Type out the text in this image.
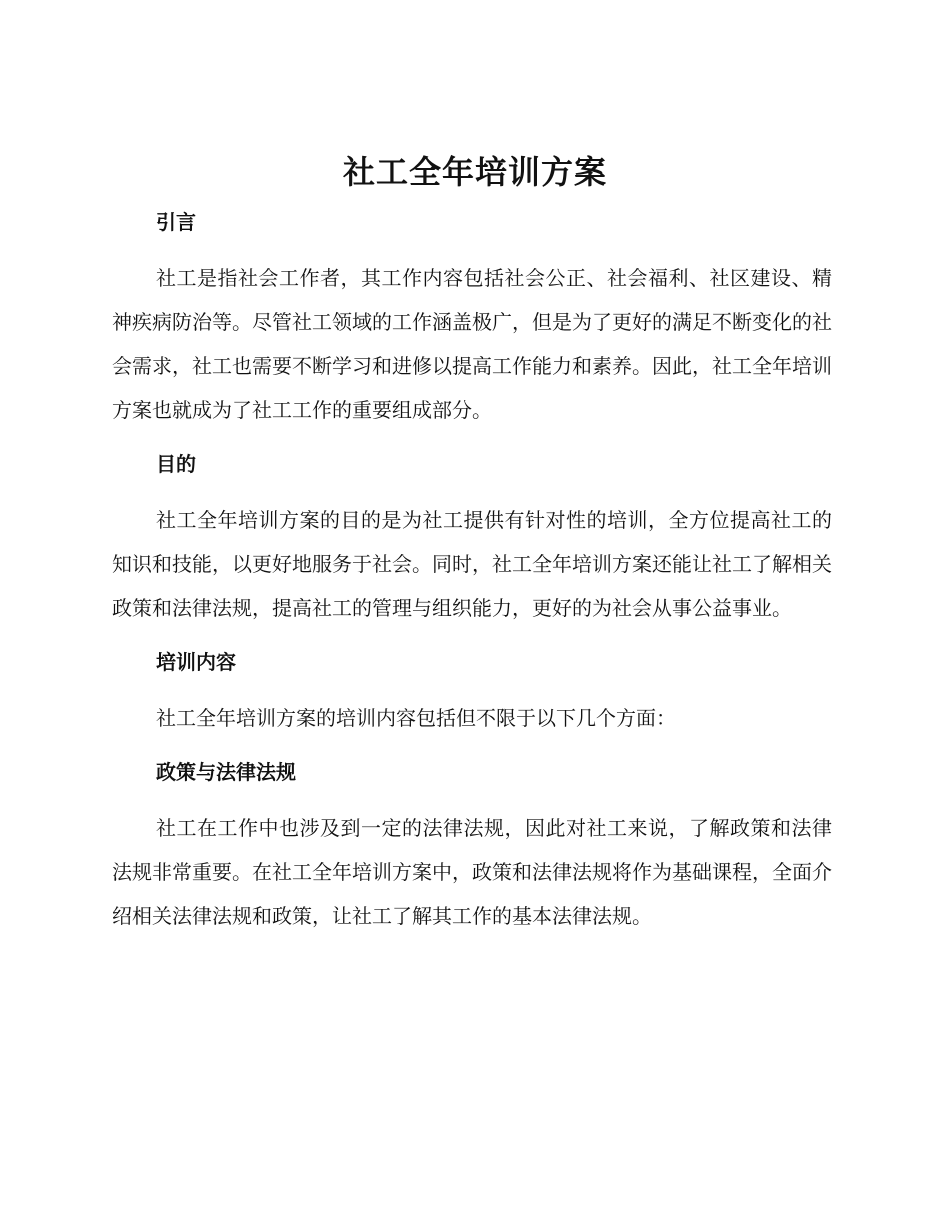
社工全年培训方案
引言

社工是指社会工作者，其工作内容包括社会公正、社会福利、社区建设、精神疾病防治等。尽管社工领域的工作涵盖极广，但是为了更好的满足不断变化的社会需求，社工也需要不断学习和进修以提高工作能力和素养。因此，社工全年培训方案也就成为了社工工作的重要组成部分。

目的

社工全年培训方案的目的是为社工提供有针对性的培训，全方位提高社工的知识和技能，以更好地服务于社会。同时，社工全年培训方案还能让社工了解相关政策和法律法规，提高社工的管理与组织能力，更好的为社会从事公益事业。

培训内容

社工全年培训方案的培训内容包括但不限于以下几个方面：

政策与法律法规

社工在工作中也涉及到一定的法律法规，因此对社工来说，了解政策和法律法规非常重要。在社工全年培训方案中，政策和法律法规将作为基础课程，全面介绍相关法律法规和政策，让社工了解其工作的基本法律法规。
